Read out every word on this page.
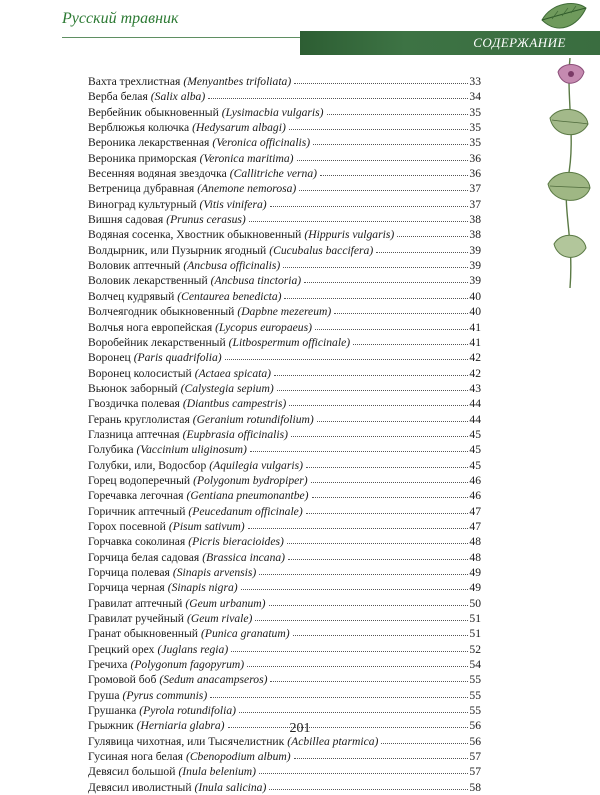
Русский травник
СОДЕРЖАНИЕ
Вахта трехлистная (Menyantbes trifoliata)	33
Верба белая (Salix alba)	34
Вербейник обыкновенный (Lysimacbia vulgaris)	35
Верблюжья колючка (Hedysarum albagi)	35
Вероника лекарственная (Veronica officinalis)	35
Вероника приморская (Veronica maritima)	36
Весенняя водяная звездочка (Callitriche verna)	36
Ветреница дубравная (Anemone nemorosa)	37
Виноград культурный (Vitis vinifera)	37
Вишня садовая (Prunus cerasus)	38
Водяная сосенка, Хвостник обыкновенный (Hippuris vulgaris)	38
Волдырник, или Пузырник ягодный (Cucubalus baccifera)	39
Воловик аптечный (Ancbusa officinalis)	39
Воловик лекарственный (Ancbusa tinctoria)	39
Волчец кудрявый (Centaurea benedicta)	40
Волчеягодник обыкновенный (Dapbne mezereum)	40
Волчья нога европейская (Lycopus europaeus)	41
Воробейник лекарственный (Litbospermum officinale)	41
Воронец (Paris quadrifolia)	42
Воронец колосистый (Actaea spicata)	42
Вьюнок заборный (Calystegia sepium)	43
Гвоздичка полевая (Diantbus campestris)	44
Герань круглолистая (Geranium rotundifolium)	44
Глазница аптечная (Eupbrasia officinalis)	45
Голубика (Vaccinium uliginosum)	45
Голубки, или, Водосбор (Aquilegia vulgaris)	45
Горец водоперечный (Polygonum bydropiper)	46
Горечавка легочная (Gentiana pneumonantbe)	46
Горичник аптечный (Peucedanum officinale)	47
Горох посевной (Pisum sativum)	47
Горчавка соколиная (Picris bieracioides)	48
Горчица белая садовая (Brassica incana)	48
Горчица полевая (Sinapis arvensis)	49
Горчица черная (Sinapis nigra)	49
Гравилат аптечный (Geum urbanum)	50
Гравилат ручейный (Geum rivale)	51
Гранат обыкновенный (Punica granatum)	51
Грецкий орех (Juglans regia)	52
Гречиха (Polygonum fagopyrum)	54
Громовой боб (Sedum anacampseros)	55
Груша (Pyrus communis)	55
Грушанка (Pyrola rotundifolia)	55
Грыжник (Herniaria glabra)	56
Гулявица чихотная, или Тысячелистник (Acbillea ptarmica)	56
Гусиная нога белая (Cbenopodium album)	57
Девясил большой (Inula belenium)	57
Девясил иволистный (Inula salicina)	58
201
